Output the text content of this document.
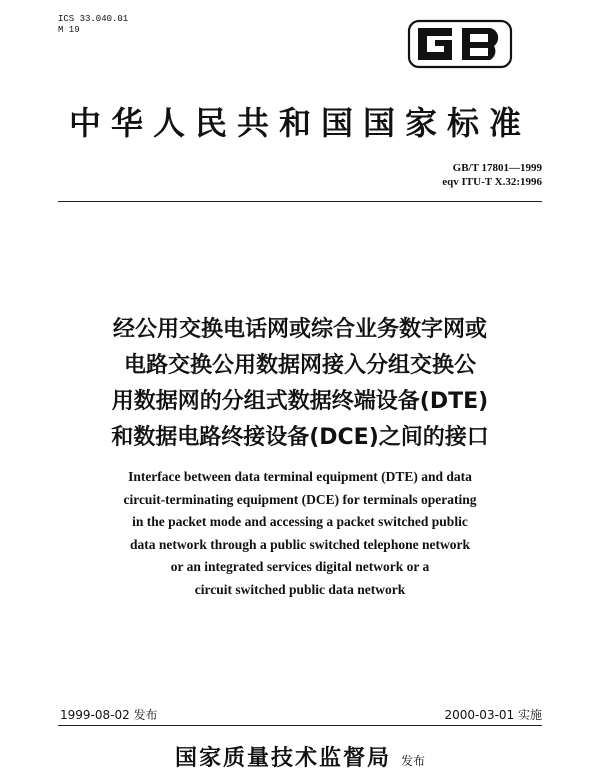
ICS 33.040.01
M 19
中华人民共和国国家标准
GB/T 17801—1999
eqv ITU-T X.32:1996
经公用交换电话网或综合业务数字网或
电路交换公用数据网接入分组交换公
用数据网的分组式数据终端设备(DTE)
和数据电路终接设备(DCE)之间的接口
Interface between data terminal equipment (DTE) and data
circuit-terminating equipment (DCE) for terminals operating
in the packet mode and accessing a packet switched public
data network through a public switched telephone network
or an integrated services digital network or a
circuit switched public data network
1999-08-02 发布	2000-03-01 实施
国家质量技术监督局 发布
